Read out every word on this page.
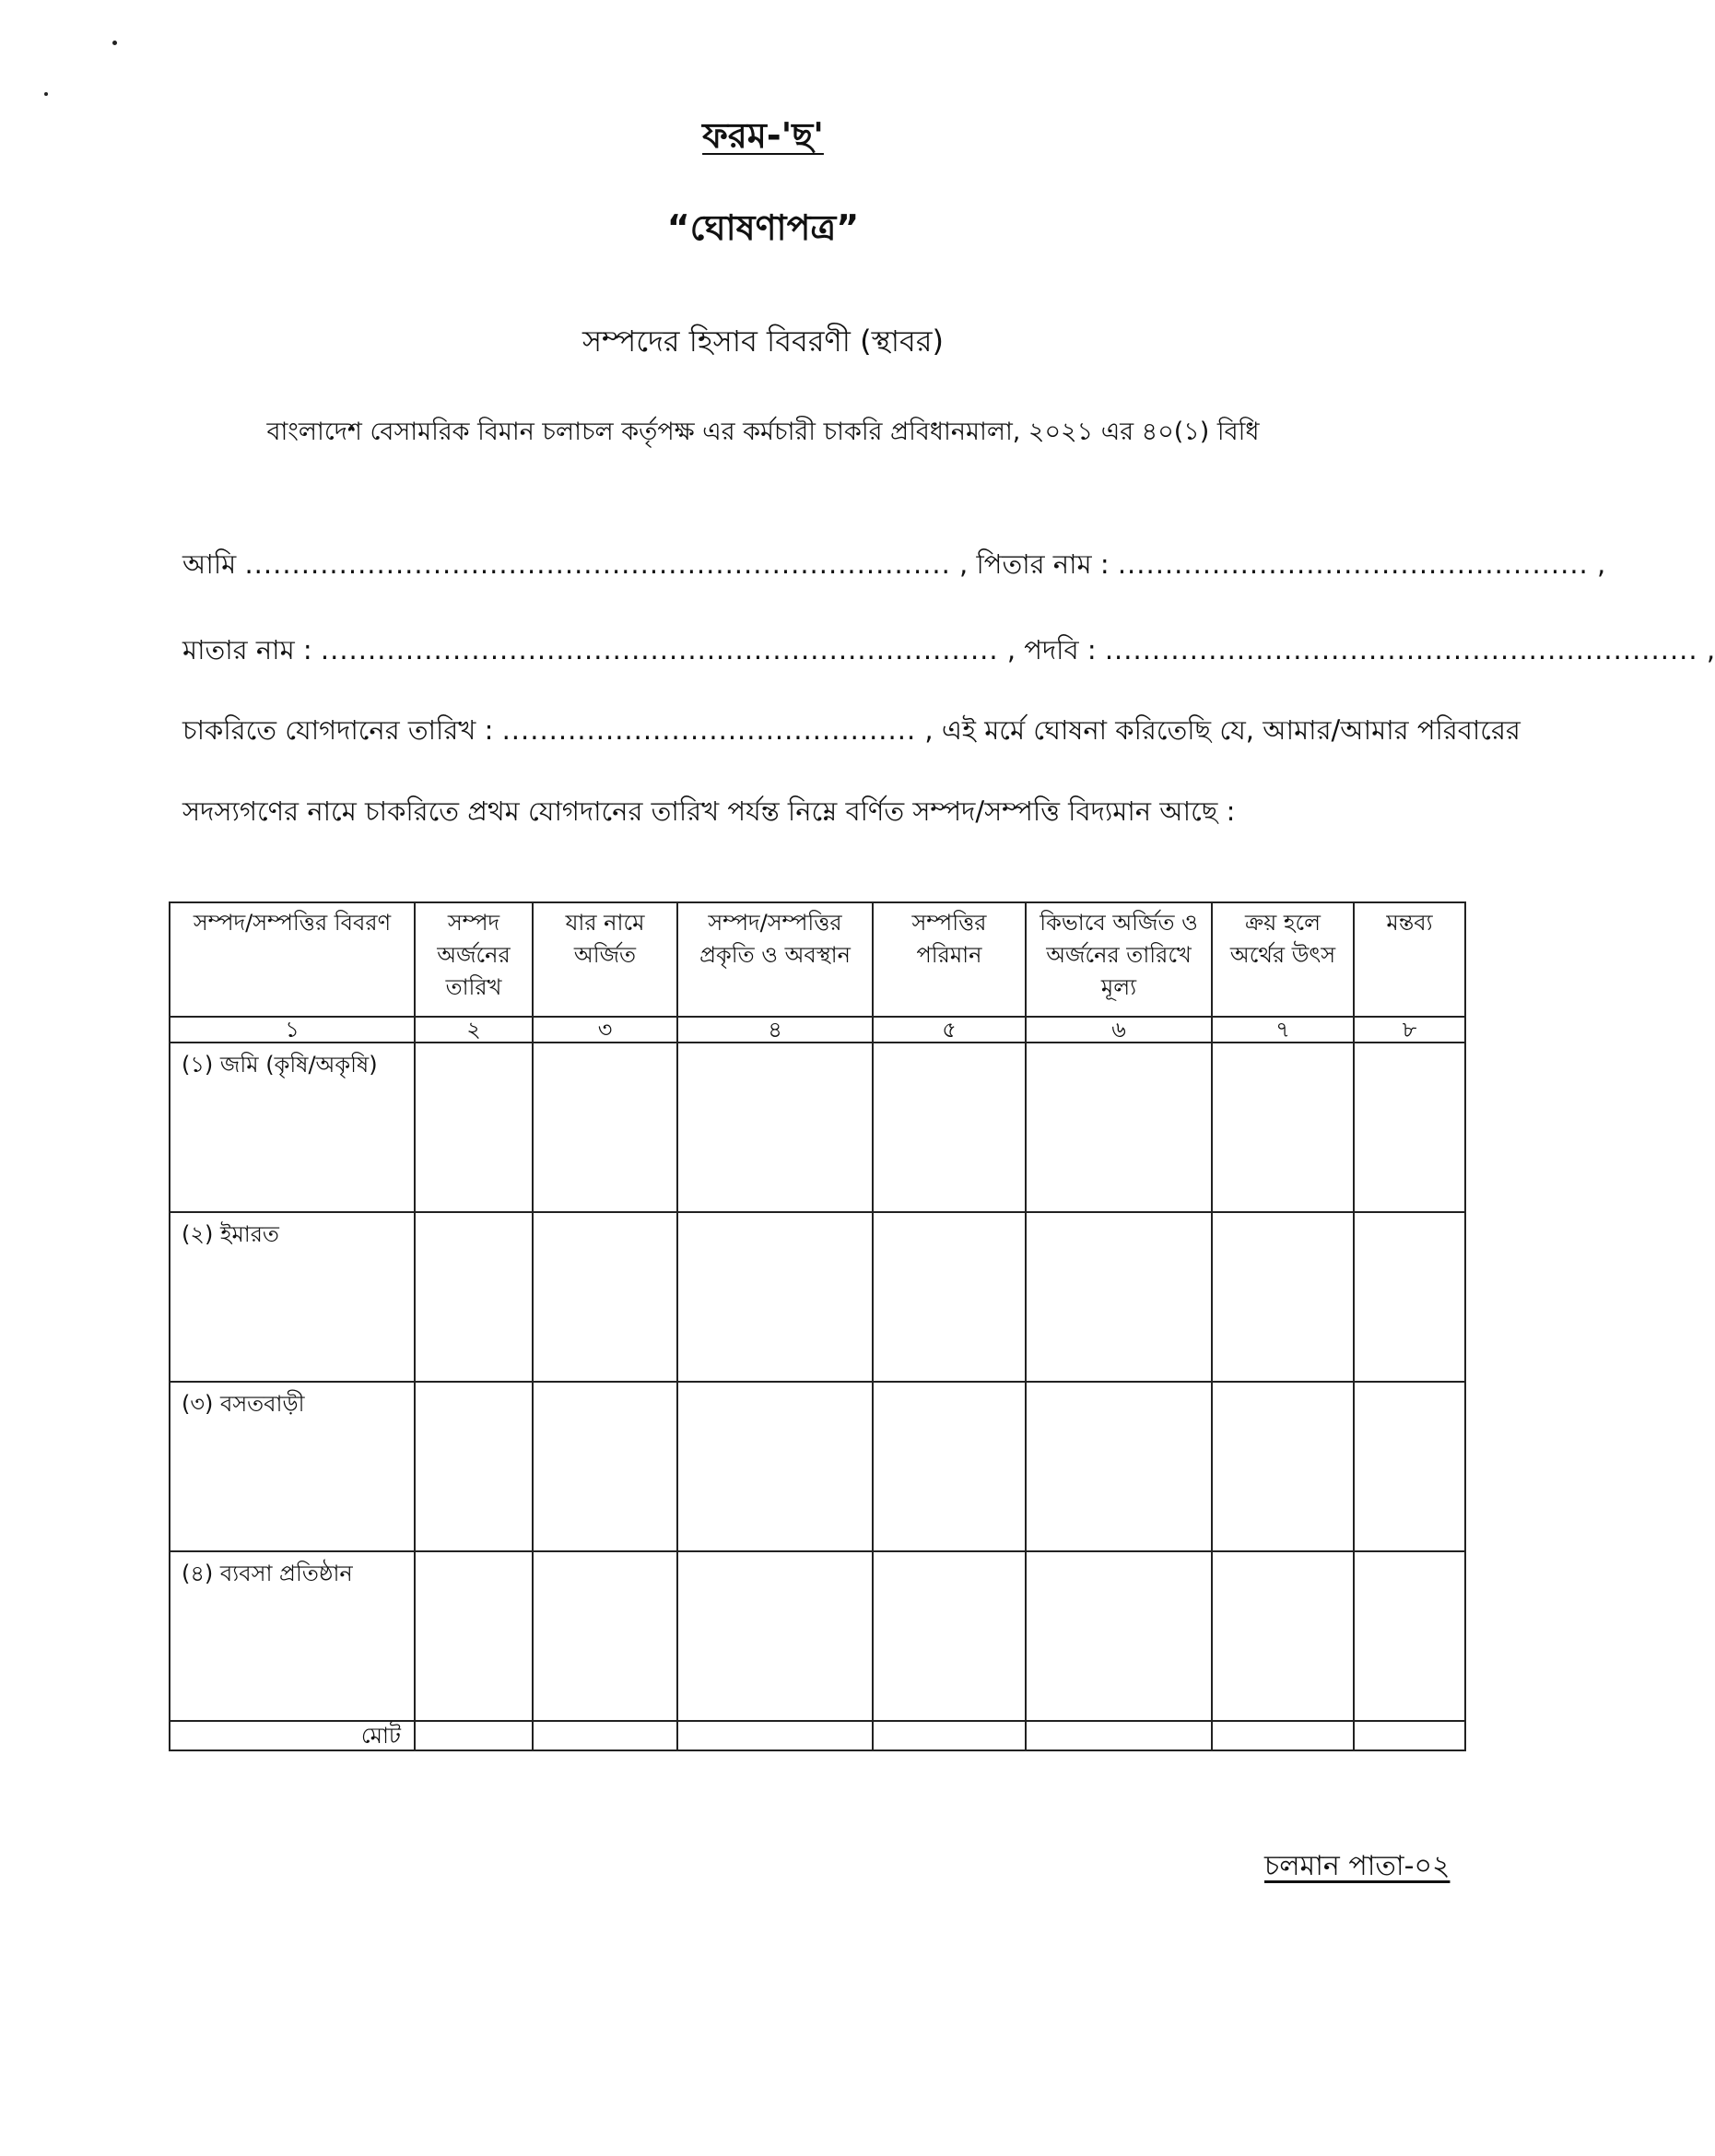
ফরম-'ছ'
“ঘোষণাপত্র”
সম্পদের হিসাব বিবরণী (স্থাবর)
বাংলাদেশ বেসামরিক বিমান চলাচল কর্তৃপক্ষ এর কর্মচারী চাকরি প্রবিধানমালা, ২০২১ এর ৪০(১) বিধি
আমি ........................................................................... , পিতার নাম : .................................................. ,
মাতার নাম : ........................................................................ , পদবি : ............................................................... ,
চাকরিতে যোগদানের তারিখ : ............................................ , এই মর্মে ঘোষনা করিতেছি যে, আমার/আমার পরিবারের
সদস্যগণের নামে চাকরিতে প্রথম যোগদানের তারিখ পর্যন্ত নিম্নে বর্ণিত সম্পদ/সম্পত্তি বিদ্যমান আছে :
সম্পদ/সম্পত্তির বিবরণ	সম্পদ অর্জনের তারিখ	যার নামে অর্জিত	সম্পদ/সম্পত্তির প্রকৃতি ও অবস্থান	সম্পত্তির পরিমান	কিভাবে অর্জিত ও অর্জনের তারিখে মূল্য	ক্রয় হলে অর্থের উৎস	মন্তব্য
১	২	৩	৪	৫	৬	৭	৮
(১) জমি (কৃষি/অকৃষি)							
(২) ইমারত							
(৩) বসতবাড়ী							
(৪) ব্যবসা প্রতিষ্ঠান							
মোট							
চলমান পাতা-০২
